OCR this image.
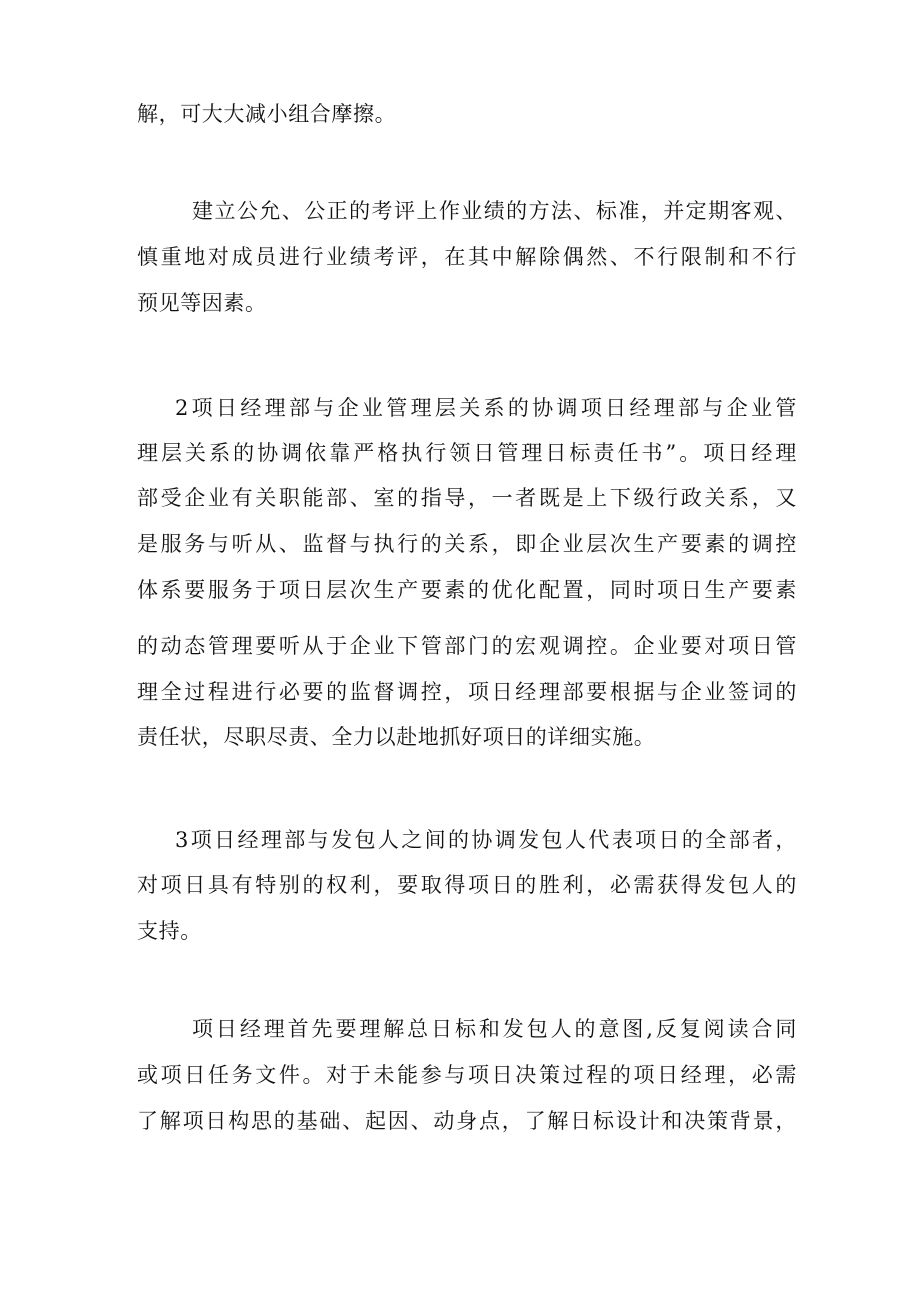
解，可大大减小组合摩擦。
建立公允、公正的考评上作业绩的方法、标准，并定期客观、
慎重地对成员进行业绩考评，在其中解除偶然、不行限制和不行
预见等因素。
2项日经理部与企业管理层关系的协调项日经理部与企业管
理层关系的协调依靠严格执行领日管理日标责任书”。项日经理
部受企业有关职能部、室的指导，一者既是上下级行政关系，又
是服务与听从、监督与执行的关系，即企业层次生产要素的调控
体系要服务于项日层次生产要素的优化配置，同时项日生产要素
的动态管理要听从于企业下管部门的宏观调控。企业要对项日管
理全过程进行必要的监督调控，项日经理部要根据与企业签词的
责任状，尽职尽责、全力以赴地抓好项日的详细实施。
3项日经理部与发包人之间的协调发包人代表项日的全部者，
对项日具有特别的权利，要取得项日的胜利，必需获得发包人的
支持。
项日经理首先要理解总日标和发包人的意图,反复阅读合同
或项日任务文件。对于未能参与项日决策过程的项日经理，必需
了解项日构思的基础、起因、动身点，了解日标设计和决策背景，
